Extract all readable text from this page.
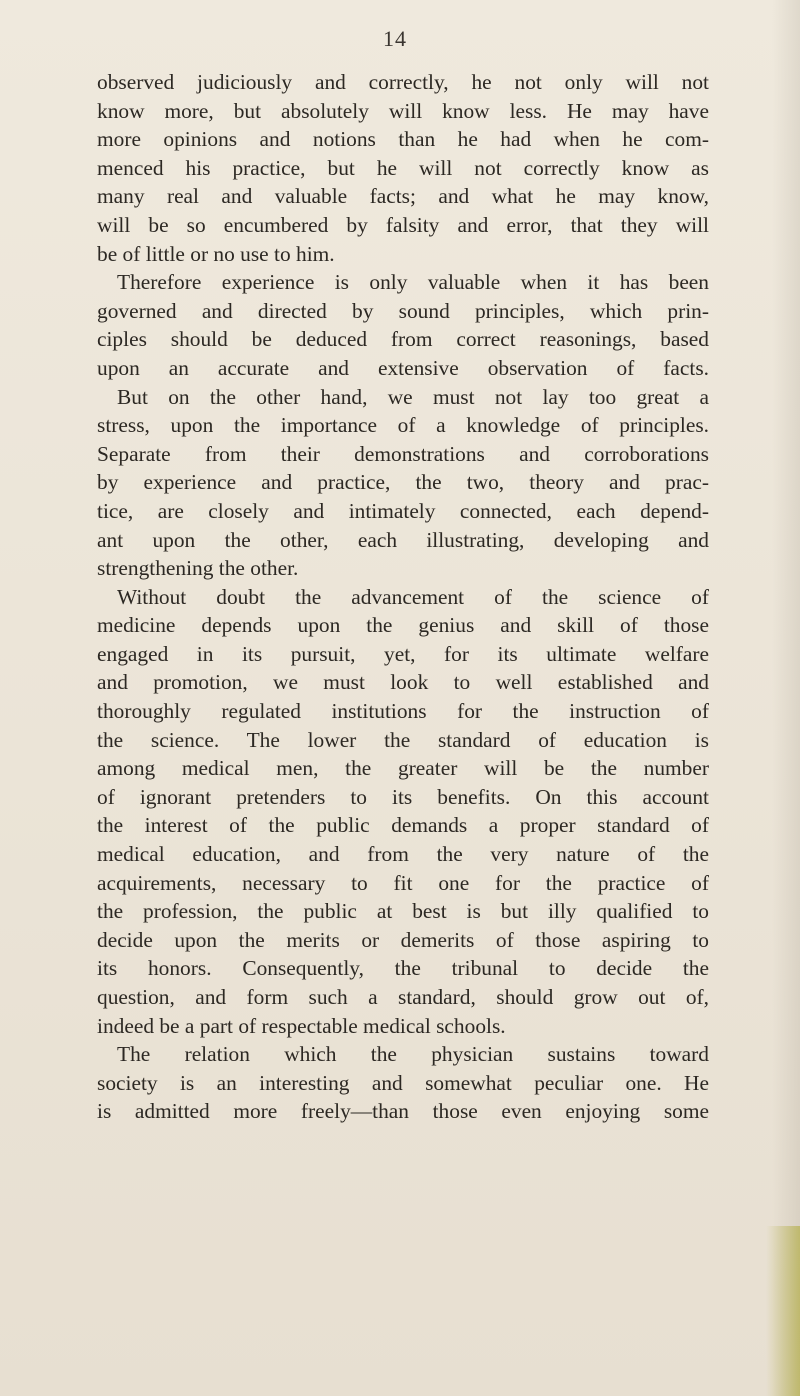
14

observed judiciously and correctly, he not only will not
know more, but absolutely will know less. He may have
more opinions and notions than he had when he com-
menced his practice, but he will not correctly know as
many real and valuable facts; and what he may know,
will be so encumbered by falsity and error, that they will
be of little or no use to him.
Therefore experience is only valuable when it has been
governed and directed by sound principles, which prin-
ciples should be deduced from correct reasonings, based
upon an accurate and extensive observation of facts.
But on the other hand, we must not lay too great a
stress, upon the importance of a knowledge of principles.
Separate from their demonstrations and corroborations
by experience and practice, the two, theory and prac-
tice, are closely and intimately connected, each depend-
ant upon the other, each illustrating, developing and
strengthening the other.
Without doubt the advancement of the science of
medicine depends upon the genius and skill of those
engaged in its pursuit, yet, for its ultimate welfare
and promotion, we must look to well established and
thoroughly regulated institutions for the instruction of
the science. The lower the standard of education is
among medical men, the greater will be the number
of ignorant pretenders to its benefits. On this account
the interest of the public demands a proper standard of
medical education, and from the very nature of the
acquirements, necessary to fit one for the practice of
the profession, the public at best is but illy qualified to
decide upon the merits or demerits of those aspiring to
its honors. Consequently, the tribunal to decide the
question, and form such a standard, should grow out of,
indeed be a part of respectable medical schools.
The relation which the physician sustains toward
society is an interesting and somewhat peculiar one. He
is admitted more freely—than those even enjoying some
